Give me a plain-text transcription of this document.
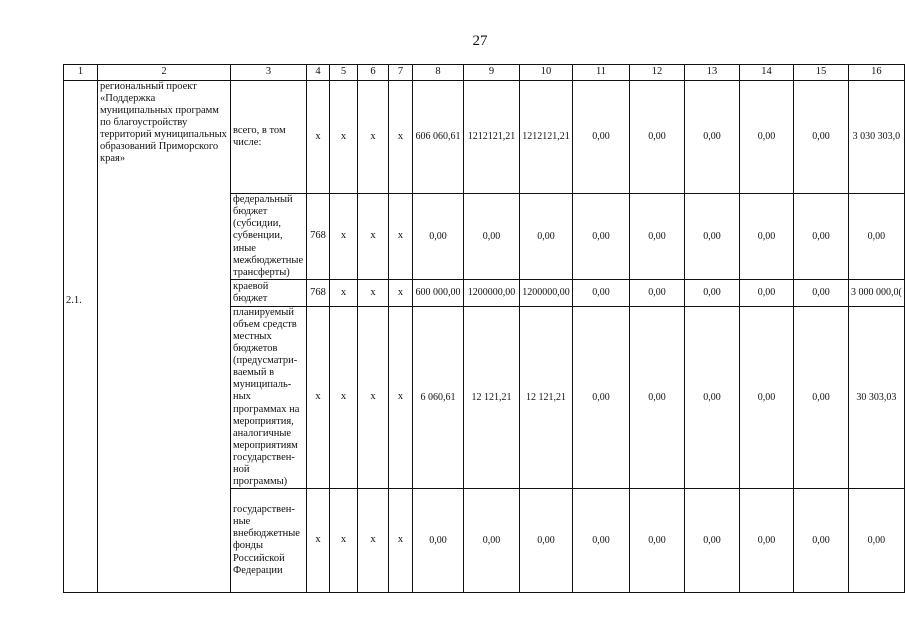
27
1	2	3	4	5	6	7	8	9	10	11	12	13	14	15	16

2.1.	региональный проект «Поддержка муниципальных программ по благоустройству территорий муниципальных образований Приморского края»	всего, в том числе:	x	x	x	x	606 060,61	1212121,21	1212121,21	0,00	0,00	0,00	0,00	0,00	3 030 303,0
		федеральный бюджет (субсидии, субвенции, иные межбюджетные трансферты)	768	x	x	x	0,00	0,00	0,00	0,00	0,00	0,00	0,00	0,00	0,00
		краевой бюджет	768	x	x	x	600 000,00	1200000,00	1200000,00	0,00	0,00	0,00	0,00	0,00	3 000 000,0(
		планируемый объем средств местных бюджетов (предусматри-ваемый в муниципаль-ных программах на мероприятия, аналогичные мероприятиям государствен-ной программы)	x	x	x	x	6 060,61	12 121,21	12 121,21	0,00	0,00	0,00	0,00	0,00	30 303,03
		государствен-ные внебюджетные фонды Российской Федерации	x	x	x	x	0,00	0,00	0,00	0,00	0,00	0,00	0,00	0,00	0,00
